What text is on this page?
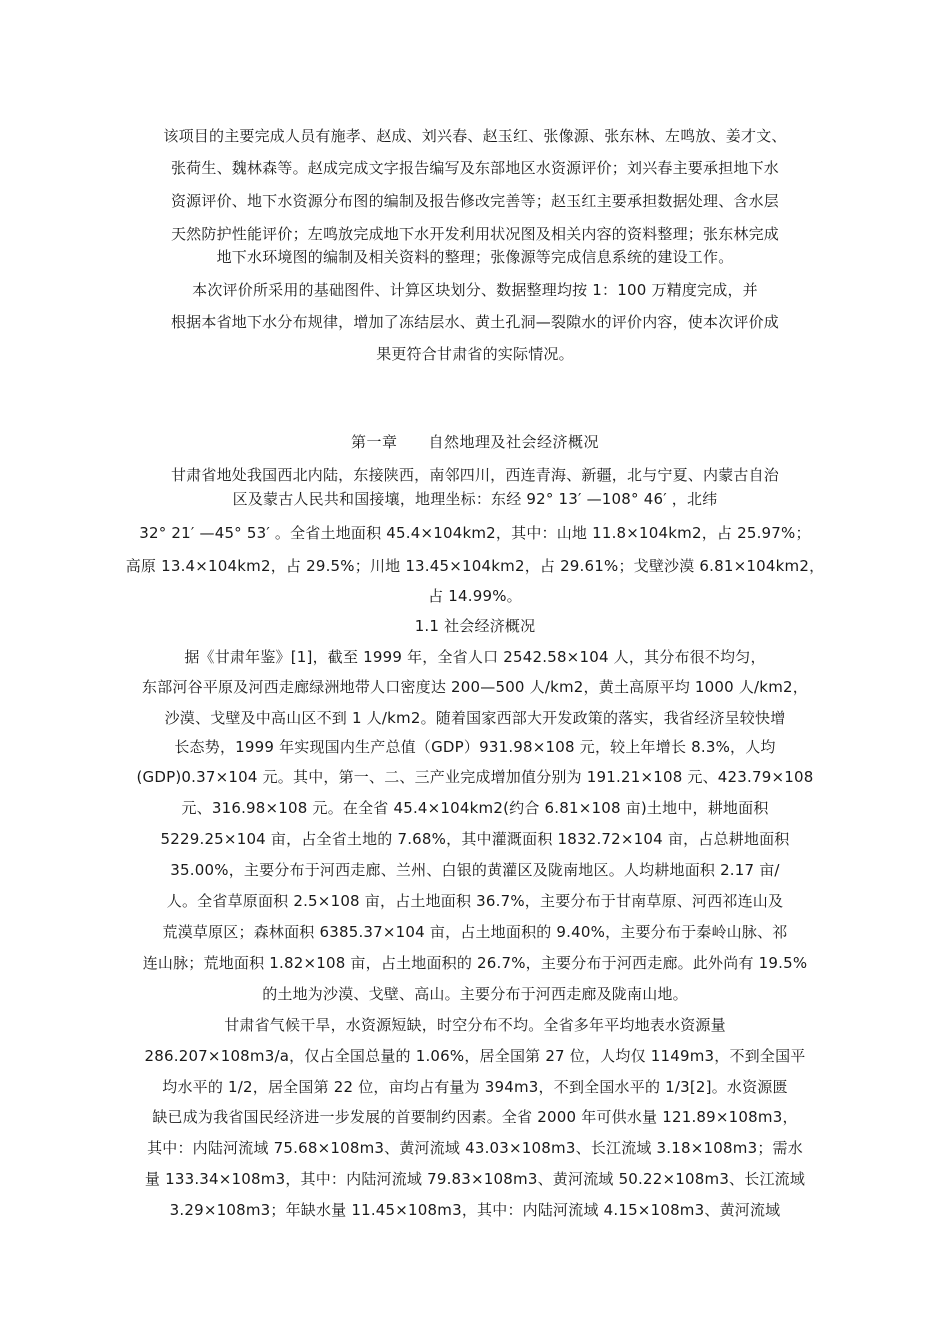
该项目的主要完成人员有施孝、赵成、刘兴春、赵玉红、张像源、张东林、左鸣放、姜才文、
张荷生、魏林森等。赵成完成文字报告编写及东部地区水资源评价；刘兴春主要承担地下水
资源评价、地下水资源分布图的编制及报告修改完善等；赵玉红主要承担数据处理、含水层
天然防护性能评价；左鸣放完成地下水开发利用状况图及相关内容的资料整理；张东林完成
地下水环境图的编制及相关资料的整理；张像源等完成信息系统的建设工作。
本次评价所采用的基础图件、计算区块划分、数据整理均按 1：100 万精度完成，并
根据本省地下水分布规律，增加了冻结层水、黄土孔洞—裂隙水的评价内容，使本次评价成
果更符合甘肃省的实际情况。
第一章　　自然地理及社会经济概况
甘肃省地处我国西北内陆，东接陕西，南邻四川，西连青海、新疆，北与宁夏、内蒙古自治
区及蒙古人民共和国接壤，地理坐标：东经 92° 13′ —108° 46′ ，北纬
32° 21′ —45° 53′ 。全省土地面积 45.4×104km2，其中：山地 11.8×104km2，占 25.97%；
高原 13.4×104km2，占 29.5%；川地 13.45×104km2，占 29.61%；戈壁沙漠 6.81×104km2，
占 14.99%。
1.1 社会经济概况
据《甘肃年鉴》[1]，截至 1999 年，全省人口 2542.58×104 人，其分布很不均匀，
东部河谷平原及河西走廊绿洲地带人口密度达 200—500 人/km2，黄土高原平均 1000 人/km2，
沙漠、戈壁及中高山区不到 1 人/km2。随着国家西部大开发政策的落实，我省经济呈较快增
长态势，1999 年实现国内生产总值（GDP）931.98×108 元，较上年增长 8.3%，人均
(GDP)0.37×104 元。其中，第一、二、三产业完成增加值分别为 191.21×108 元、423.79×108
元、316.98×108 元。在全省 45.4×104km2(约合 6.81×108 亩)土地中，耕地面积
5229.25×104 亩，占全省土地的 7.68%，其中灌溉面积 1832.72×104 亩，占总耕地面积
35.00%，主要分布于河西走廊、兰州、白银的黄灌区及陇南地区。人均耕地面积 2.17 亩/
人。全省草原面积 2.5×108 亩，占土地面积 36.7%，主要分布于甘南草原、河西祁连山及
荒漠草原区；森林面积 6385.37×104 亩，占土地面积的 9.40%，主要分布于秦岭山脉、祁
连山脉；荒地面积 1.82×108 亩，占土地面积的 26.7%，主要分布于河西走廊。此外尚有 19.5%
的土地为沙漠、戈壁、高山。主要分布于河西走廊及陇南山地。
甘肃省气候干旱，水资源短缺，时空分布不均。全省多年平均地表水资源量
286.207×108m3/a，仅占全国总量的 1.06%，居全国第 27 位，人均仅 1149m3，不到全国平
均水平的 1/2，居全国第 22 位，亩均占有量为 394m3，不到全国水平的 1/3[2]。水资源匮
缺已成为我省国民经济进一步发展的首要制约因素。全省 2000 年可供水量 121.89×108m3，
其中：内陆河流域 75.68×108m3、黄河流域 43.03×108m3、长江流域 3.18×108m3；需水
量 133.34×108m3，其中：内陆河流域 79.83×108m3、黄河流域 50.22×108m3、长江流域
3.29×108m3；年缺水量 11.45×108m3，其中：内陆河流域 4.15×108m3、黄河流域
